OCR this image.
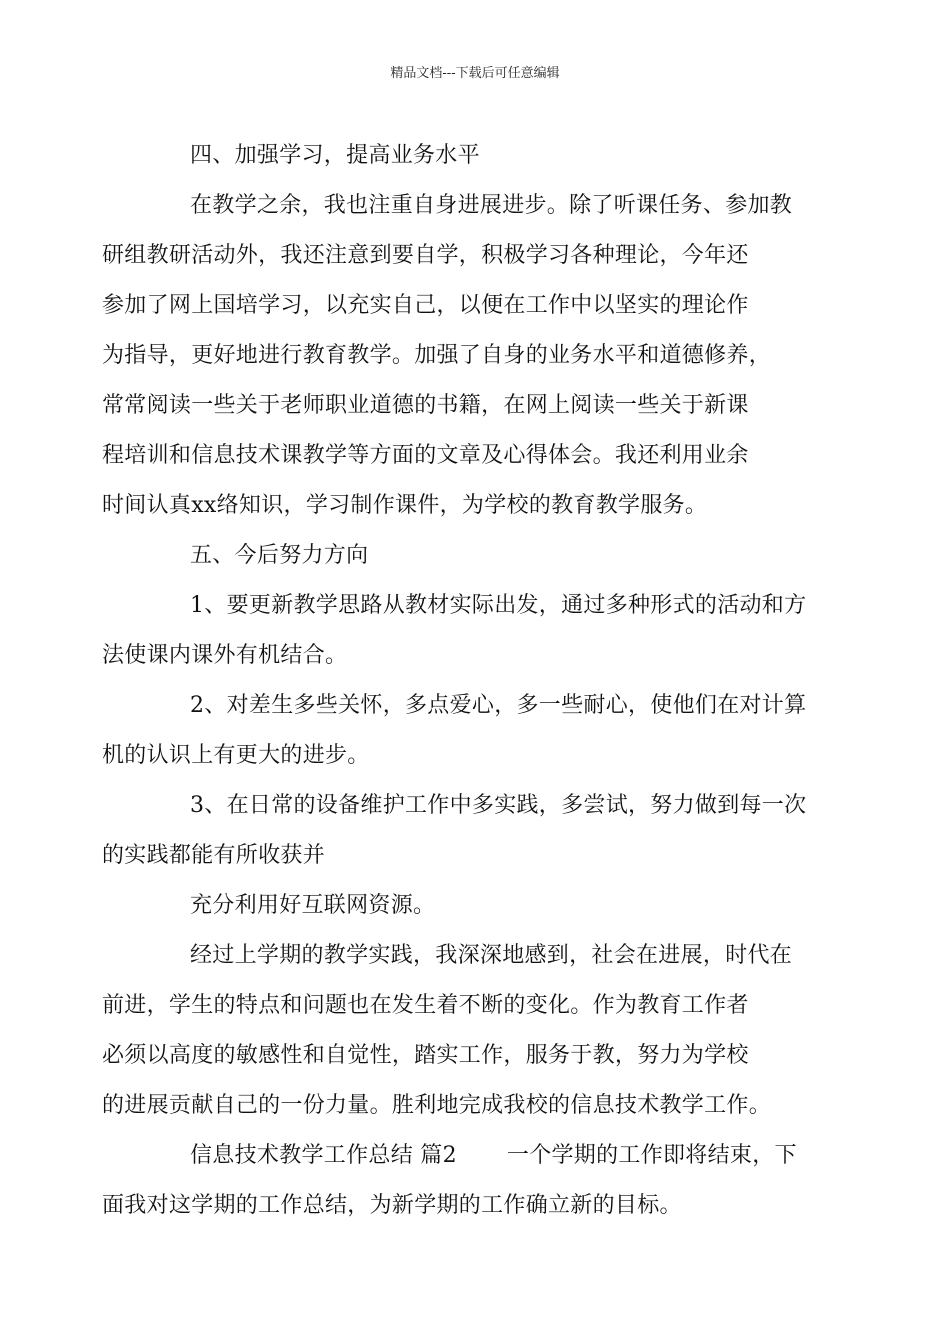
精品文档---下载后可任意编辑

四、加强学习，提高业务水平

在教学之余，我也注重自身进展进步。除了听课任务、参加教
研组教研活动外，我还注意到要自学，积极学习各种理论，今年还
参加了网上国培学习，以充实自己，以便在工作中以坚实的理论作
为指导，更好地进行教育教学。加强了自身的业务水平和道德修养，
常常阅读一些关于老师职业道德的书籍，在网上阅读一些关于新课
程培训和信息技术课教学等方面的文章及心得体会。我还利用业余
时间认真xx络知识，学习制作课件，为学校的教育教学服务。

五、今后努力方向

1、要更新教学思路从教材实际出发，通过多种形式的活动和方
法使课内课外有机结合。

2、对差生多些关怀，多点爱心，多一些耐心，使他们在对计算
机的认识上有更大的进步。

3、在日常的设备维护工作中多实践，多尝试，努力做到每一次
的实践都能有所收获并

充分利用好互联网资源。

经过上学期的教学实践，我深深地感到，社会在进展，时代在
前进，学生的特点和问题也在发生着不断的变化。作为教育工作者
必须以高度的敏感性和自觉性，踏实工作，服务于教，努力为学校
的进展贡献自己的一份力量。胜利地完成我校的信息技术教学工作。

信息技术教学工作总结 篇2 一个学期的工作即将结束，下
面我对这学期的工作总结，为新学期的工作确立新的目标。
